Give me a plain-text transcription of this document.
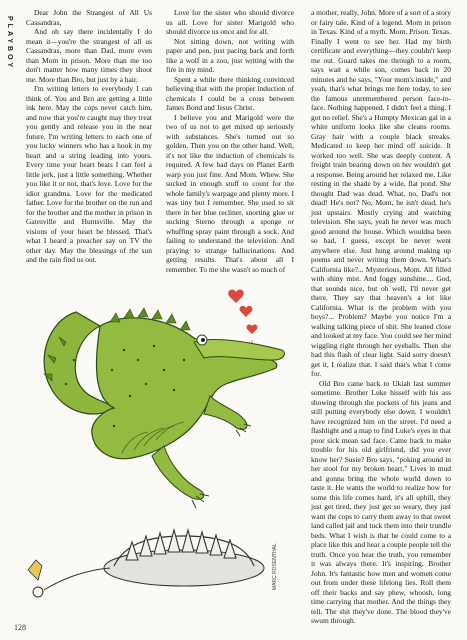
PLAYBOY

Dear John the Strangest of All Us Cassandras,

And oh say there incidentally I do mean it—you're the strangest of all us Cassandras, more than Dad, more even than Mom in prison. More than me too don't matter how many times they shoot me. More than Bro, but just by a hair.

I'm writing letters to everybody I can think of. You and Bro are getting a little ink here. May the cops never catch him, and now that you're caught may they treat you gently and release you in the near future. I'm writing letters to each one of you lucky winners who has a hook in my heart and a string leading into yours. Every time your heart beats I can feel a little jerk, just a little something. Whether you like it or not, that's love. Love for the idiot grandma. Love for the medicated father. Love for the brother on the run and for the brother and the mother in prison in Gatesville and Huntsville. May the visions of your heart be blessed. That's what I heard a preacher say on TV the other day. May the blessings of the sun and the rain find us out.

Love for the sister who should divorce us all. Love for sister Marigold who should divorce us once and for all.

Not sitting down, not writing with paper and pen, just pacing back and forth like a wolf in a zoo, just writing with the fire in my mind.

Spent a while there thinking convinced believing that with the proper induction of chemicals I could be a cross between James Bond and Jesus Christ.

I believe you and Marigold were the two of us not to get mixed up seriously with substances. She's turned out so golden. Then you on the other hand. Well, it's not like the induction of chemicals is required. A few bad days on Planet Earth warp you just fine. And Mom. Whew. She sucked in enough stuff to count for the whole family's warpage and plenty more. I was tiny but I remember. She used to sit there in her blue recliner, snorting glue or sucking Sterno through a sponge or whuffing spray paint through a sock. And failing to understand the television. And praying to strange hallucinations. And getting results. That's about all I remember. To me she wasn't so much of

a mother, really, John. More of a sort of a story or fairy tale. Kind of a legend. Mom in prison in Texas. Kind of a myth. Mom. Prison. Texas. Finally I went to see her. Had my birth certificate and everything—they couldn't keep me out. Guard takes me through to a room, says wait a while son, comes back in 20 minutes and he says, "Your mom's inside," and yeah, that's what brings me here today, to see the famous unremembered person face-to-face. Nothing happened. I didn't feel a thing. I got no relief. She's a Humpty Mexican gal in a white uniform looks like she cleans rooms. Gray hair with a couple black streaks. Medicated to keep her mind off suicide. It worked too well. She was deeply content. A freight train bearing down on her wouldn't get a response. Being around her relaxed me. Like resting in the shade by a wide, flat pond. She thought Dad was dead. What, no, Dad's not dead! He's not? No, Mom, he isn't dead, he's just upstairs. Mostly crying and watching television. She says, yeah he never was much good around the house. Which wouldna been so bad, I guess, except he never went anywhere else. Just hung around making up poems and never writing them down. What's California like?... Mysterious, Mom. All filled with shiny mist. And foggy sunshine.... God, that sounds nice, but oh well, I'll never get there. They say that heaven's a lot like California. What is the problem with you boys?... Problem? Maybe you notice I'm a walking talking piece of shit. She leaned close and looked at my face. You could see her mind wiggling right through her eyeballs. Then she had this flash of clear light. Said sorry doesn't get it, I realize that. I said that's what I come for.

Old Bro came back to Ukiah last summer sometime. Brother Luke hisself with his ass showing through the pockets of his jeans and still putting everybody else down. I wouldn't have recognized him on the street. I'd need a flashlight and a map to find Luke's eyes in that poor sick mean sad face. Came back to make trouble for his old girlfriend, did you ever know her? Susie? Bro says, "poking around in her stool for my broken heart." Lives in mud and gonna bring the whole world down to taste it. He wants the world to realize how for some this life comes hard, it's all uphill, they just get tired, they just get so weary, they just want the cops to carry them away to that sweet land called jail and tuck them into their trundle beds. What I wish is that he could come to a place like this and hear a couple people tell the truth. Once you hear the truth, you remember it was always there. It's inspiring, Brother John. It's fantastic how men and women come out from under these lifelong lies. Roll them off their backs and say phew, whoosh, long time carrying that mother. And the things they tell. The shit they've done. The blood they've swum through.

MARC ROSENTHAL
128
